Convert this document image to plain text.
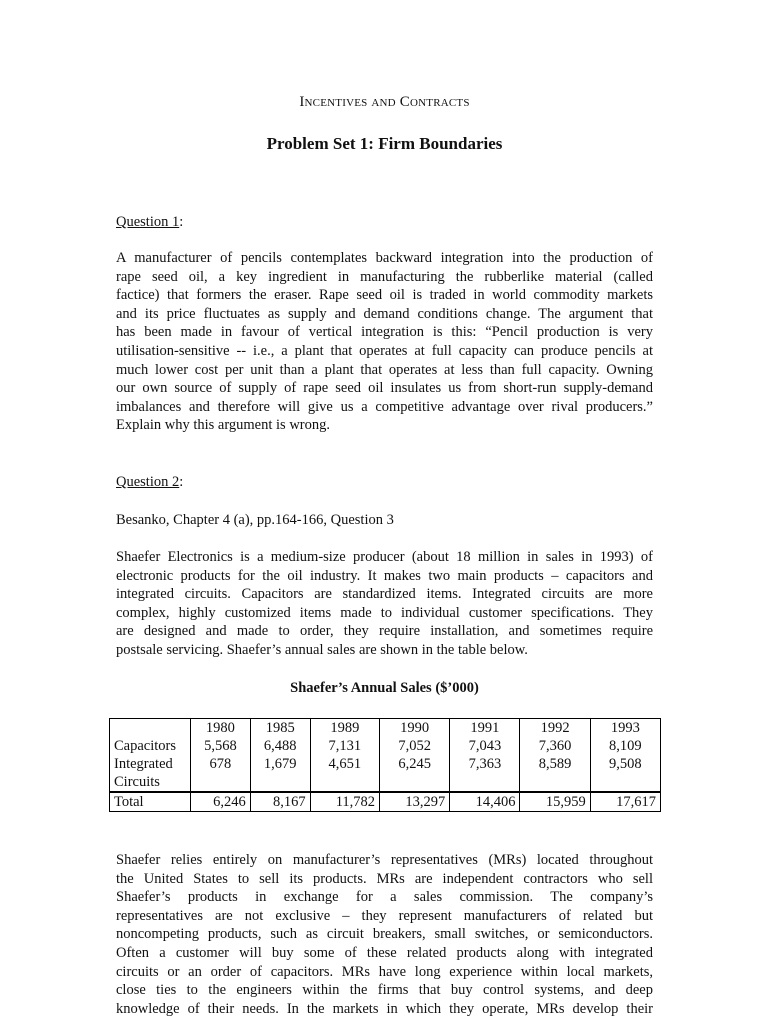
Incentives and Contracts
Problem Set 1: Firm Boundaries
Question 1:
A manufacturer of pencils contemplates backward integration into the production of
rape seed oil, a key ingredient in manufacturing the rubberlike material (called
factice) that formers the eraser. Rape seed oil is traded in world commodity markets
and its price fluctuates as supply and demand conditions change. The argument that
has been made in favour of vertical integration is this: “Pencil production is very
utilisation-sensitive -- i.e., a plant that operates at full capacity can produce pencils at
much lower cost per unit than a plant that operates at less than full capacity. Owning
our own source of supply of rape seed oil insulates us from short-run supply-demand
imbalances and therefore will give us a competitive advantage over rival producers.”
Explain why this argument is wrong.
Question 2:
Besanko, Chapter 4 (a), pp.164-166, Question 3
Shaefer Electronics is a medium-size producer (about 18 million in sales in 1993) of
electronic products for the oil industry. It makes two main products – capacitors and
integrated circuits. Capacitors are standardized items. Integrated circuits are more
complex, highly customized items made to individual customer specifications. They
are designed and made to order, they require installation, and sometimes require
postsale servicing. Shaefer’s annual sales are shown in the table below.
Shaefer’s Annual Sales ($’000)
	1980	1985	1989	1990	1991	1992	1993
Capacitors	5,568	6,488	7,131	7,052	7,043	7,360	8,109
Integrated
Circuits	678	1,679	4,651	6,245	7,363	8,589	9,508
Total	6,246	8,167	11,782	13,297	14,406	15,959	17,617
Shaefer relies entirely on manufacturer’s representatives (MRs) located throughout
the United States to sell its products. MRs are independent contractors who sell
Shaefer’s products in exchange for a sales commission. The company’s
representatives are not exclusive – they represent manufacturers of related but
noncompeting products, such as circuit breakers, small switches, or semiconductors.
Often a customer will buy some of these related products along with integrated
circuits or an order of capacitors. MRs have long experience within local markets,
close ties to the engineers within the firms that buy control systems, and deep
knowledge of their needs. In the markets in which they operate, MRs develop their
